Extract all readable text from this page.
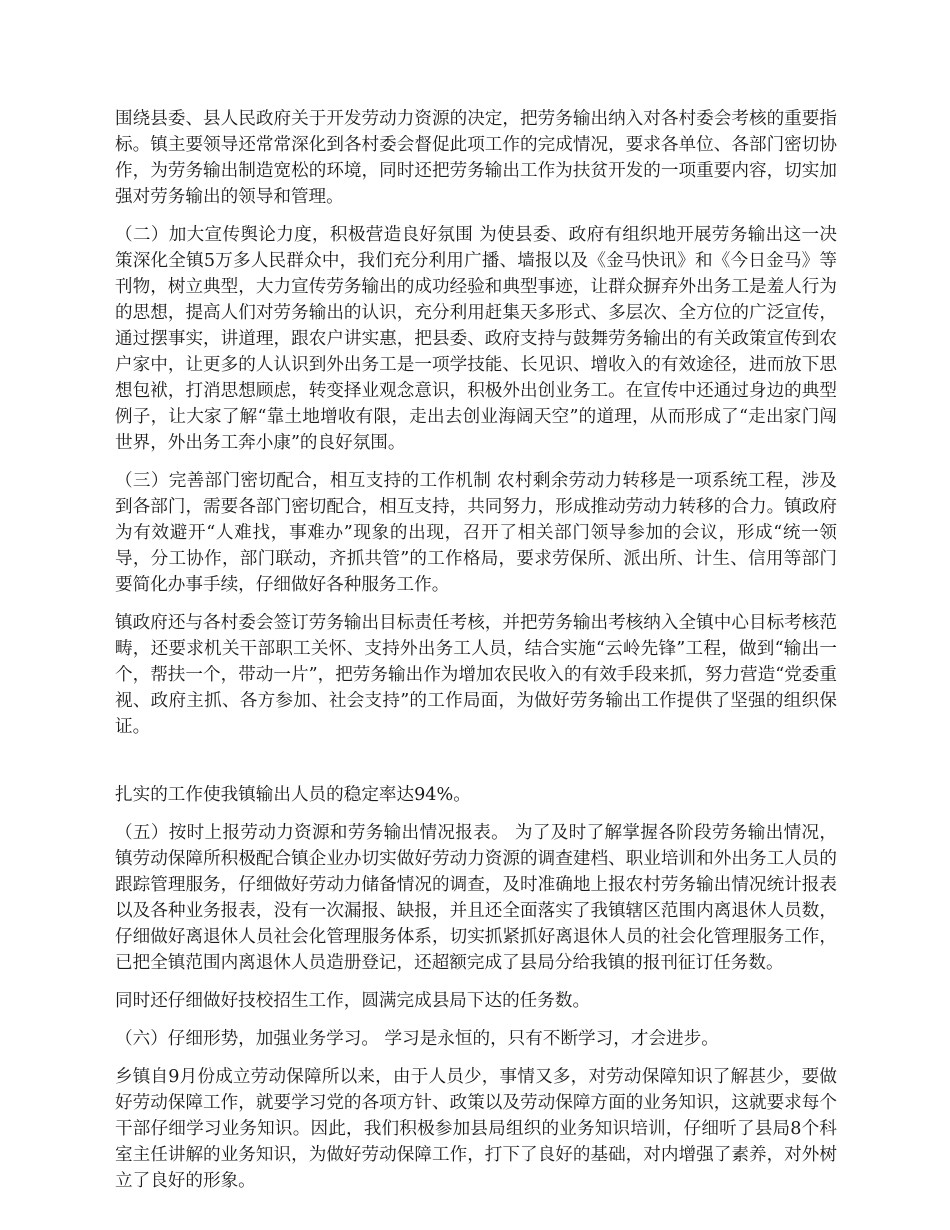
围绕县委、县人民政府关于开发劳动力资源的决定，把劳务输出纳入对各村委会考核的重要指标。镇主要领导还常常深化到各村委会督促此项工作的完成情况，要求各单位、各部门密切协作，为劳务输出制造宽松的环境，同时还把劳务输出工作为扶贫开发的一项重要内容，切实加强对劳务输出的领导和管理。

（二）加大宣传舆论力度，积极营造良好氛围 为使县委、政府有组织地开展劳务输出这一决策深化全镇5万多人民群众中，我们充分利用广播、墙报以及《金马快讯》和《今日金马》等刊物，树立典型，大力宣传劳务输出的成功经验和典型事迹，让群众摒弃外出务工是羞人行为的思想，提高人们对劳务输出的认识，充分利用赶集天多形式、多层次、全方位的广泛宣传，通过摆事实，讲道理，跟农户讲实惠，把县委、政府支持与鼓舞劳务输出的有关政策宣传到农户家中，让更多的人认识到外出务工是一项学技能、长见识、增收入的有效途径，进而放下思想包袱，打消思想顾虑，转变择业观念意识，积极外出创业务工。在宣传中还通过身边的典型例子，让大家了解“靠土地增收有限，走出去创业海阔天空”的道理，从而形成了“走出家门闯世界，外出务工奔小康”的良好氛围。

（三）完善部门密切配合，相互支持的工作机制 农村剩余劳动力转移是一项系统工程，涉及到各部门，需要各部门密切配合，相互支持，共同努力，形成推动劳动力转移的合力。镇政府为有效避开“人难找，事难办”现象的出现，召开了相关部门领导参加的会议，形成“统一领导，分工协作，部门联动，齐抓共管”的工作格局，要求劳保所、派出所、计生、信用等部门要简化办事手续，仔细做好各种服务工作。

镇政府还与各村委会签订劳务输出目标责任考核，并把劳务输出考核纳入全镇中心目标考核范畴，还要求机关干部职工关怀、支持外出务工人员，结合实施“云岭先锋”工程，做到“输出一个，帮扶一个，带动一片”，把劳务输出作为增加农民收入的有效手段来抓，努力营造“党委重视、政府主抓、各方参加、社会支持”的工作局面，为做好劳务输出工作提供了坚强的组织保证。

扎实的工作使我镇输出人员的稳定率达94%。

（五）按时上报劳动力资源和劳务输出情况报表。 为了及时了解掌握各阶段劳务输出情况，镇劳动保障所积极配合镇企业办切实做好劳动力资源的调查建档、职业培训和外出务工人员的跟踪管理服务，仔细做好劳动力储备情况的调查，及时准确地上报农村劳务输出情况统计报表以及各种业务报表，没有一次漏报、缺报，并且还全面落实了我镇辖区范围内离退休人员数，仔细做好离退休人员社会化管理服务体系，切实抓紧抓好离退休人员的社会化管理服务工作，已把全镇范围内离退休人员造册登记，还超额完成了县局分给我镇的报刊征订任务数。

同时还仔细做好技校招生工作，圆满完成县局下达的任务数。

（六）仔细形势，加强业务学习。 学习是永恒的，只有不断学习，才会进步。

乡镇自9月份成立劳动保障所以来，由于人员少，事情又多，对劳动保障知识了解甚少，要做好劳动保障工作，就要学习党的各项方针、政策以及劳动保障方面的业务知识，这就要求每个干部仔细学习业务知识。因此，我们积极参加县局组织的业务知识培训，仔细听了县局8个科室主任讲解的业务知识，为做好劳动保障工作，打下了良好的基础，对内增强了素养，对外树立了良好的形象。
